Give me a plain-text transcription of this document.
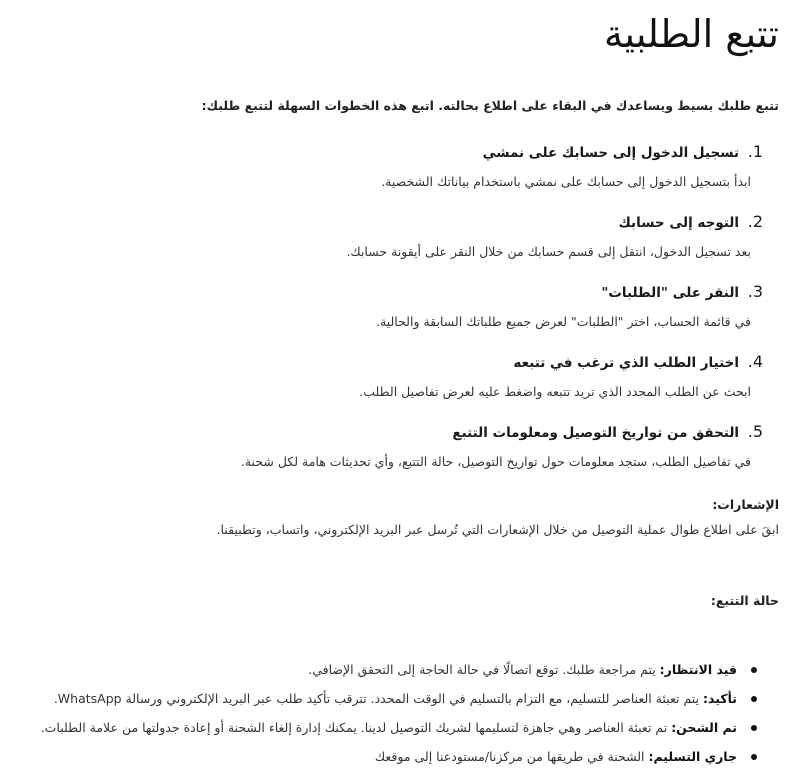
تتبع الطلبية
تتبع طلبك بسيط ويساعدك في البقاء على اطلاع بحالته. اتبع هذه الخطوات السهلة لتتبع طلبك:
1. تسجيل الدخول إلى حسابك على نمشي
ابدأ بتسجيل الدخول إلى حسابك على نمشي باستخدام بياناتك الشخصية.
2. التوجه إلى حسابك
بعد تسجيل الدخول، انتقل إلى قسم حسابك من خلال النقر على أيقونة حسابك.
3. النقر على "الطلبات"
في قائمة الحساب، اختر "الطلبات" لعرض جميع طلباتك السابقة والحالية.
4. اختيار الطلب الذي ترغب في تتبعه
ابحث عن الطلب المحدد الذي تريد تتبعه واضغط عليه لعرض تفاصيل الطلب.
5. التحقق من تواريخ التوصيل ومعلومات التتبع
في تفاصيل الطلب، ستجد معلومات حول تواريخ التوصيل، حالة التتبع، وأي تحديثات هامة لكل شحنة.
الإشعارات:
ابقَ على اطلاع طوال عملية التوصيل من خلال الإشعارات التي تُرسل عبر البريد الإلكتروني، واتساب، وتطبيقنا.
حالة التتبع:
قيد الانتظار: يتم مراجعة طلبك. توقع اتصالًا في حالة الحاجة إلى التحقق الإضافي.
تأكيد: يتم تعبئة العناصر للتسليم، مع التزام بالتسليم في الوقت المحدد. تترقب تأكيد طلب عبر البريد الإلكتروني ورسالة WhatsApp.
تم الشحن: تم تعبئة العناصر وهي جاهزة لتسليمها لشريك التوصيل لدينا. يمكنك إدارة إلغاء الشحنة أو إعادة جدولتها من علامة الطلبات.
جاري التسليم: الشحنة في طريقها من مركزنا/مستودعنا إلى موقعك
